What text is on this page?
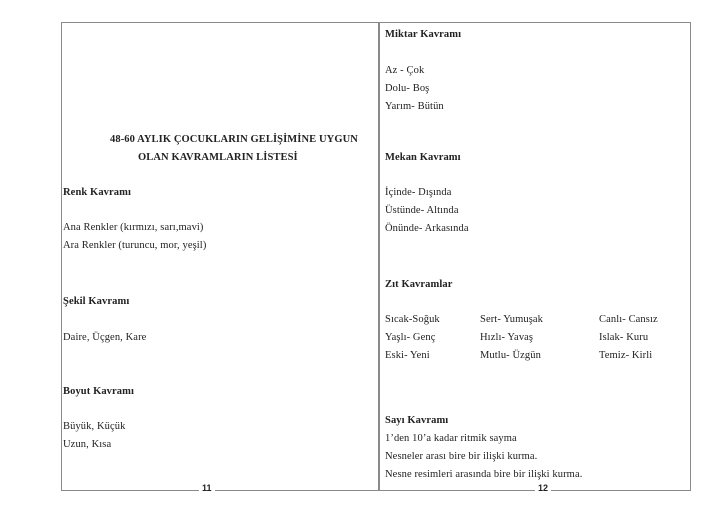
48-60 AYLIK ÇOCUKLARIN GELİŞİMİNE UYGUN
OLAN KAVRAMLARIN LİSTESİ
Renk Kavramı
Ana Renkler (kırmızı, sarı,mavi)
Ara Renkler (turuncu, mor, yeşil)
Şekil Kavramı
Daire, Üçgen, Kare
Boyut Kavramı
Büyük, Küçük
Uzun, Kısa
11
Miktar Kavramı
Az - Çok
Dolu- Boş
Yarım- Bütün
Mekan Kavramı
İçinde- Dışında
Üstünde- Altında
Önünde- Arkasında
Zıt Kavramlar
Sıcak-Soğuk	Sert- Yumuşak	Canlı- Cansız
Yaşlı- Genç	Hızlı- Yavaş	Islak- Kuru
Eski- Yeni	Mutlu- Üzgün	Temiz- Kirli
Sayı Kavramı
1’den 10’a kadar ritmik sayma
Nesneler arası bire bir ilişki kurma.
Nesne resimleri arasında bire bir ilişki kurma.
12
